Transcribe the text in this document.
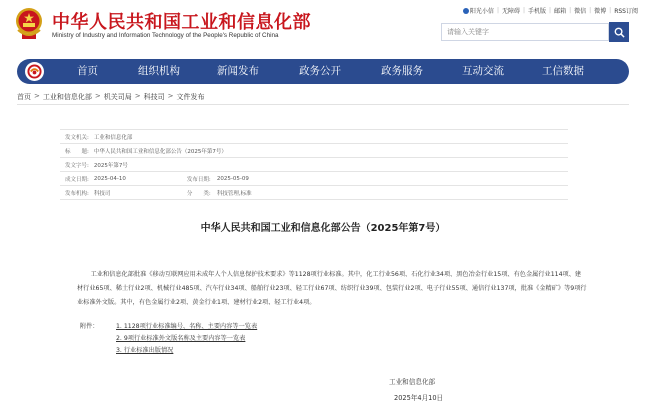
中华人民共和国工业和信息化部
Ministry of Industry and Information Technology of the People's Republic of China
阳光小信 | 无障碍 | 手机版 | 邮箱 | 微信 | 微博 | RSS订阅
请输入关键字
首页	组织机构	新闻发布	政务公开	政务服务	互动交流	工信数据
首页 > 工业和信息化部 > 机关司局 > 科技司 > 文件发布
发文机关:	工业和信息化部		
标　　题:	中华人民共和国工业和信息化部公告（2025年第7号）		
发文字号:	2025年第7号		
成文日期:	2025-04-10	发布日期:	2025-05-09
发布机构:	科技司	分　　类:	科技管理,标准
中华人民共和国工业和信息化部公告（2025年第7号）

工业和信息化部批准《移动互联网应用未成年人个人信息保护技术要求》等1128项行业标准。其中，化工行业56项、石化行业34项、黑色冶金行业15项、有色金属行业114项、建材行业65项、稀土行业2项、机械行业485项、汽车行业34项、船舶行业23项、轻工行业67项、纺织行业39项、包装行业2项、电子行业55项、通信行业137项，批准《金精矿》等9项行业标准外文版。其中，有色金属行业2项、黄金行业1项、建材行业2项、轻工行业4项。

附件：	1. 1128项行业标准编号、名称、主要内容等一览表
2. 9项行业标准外文版名称及主要内容等一览表
3. 行业标准出版情况
工业和信息化部
2025年4月10日
